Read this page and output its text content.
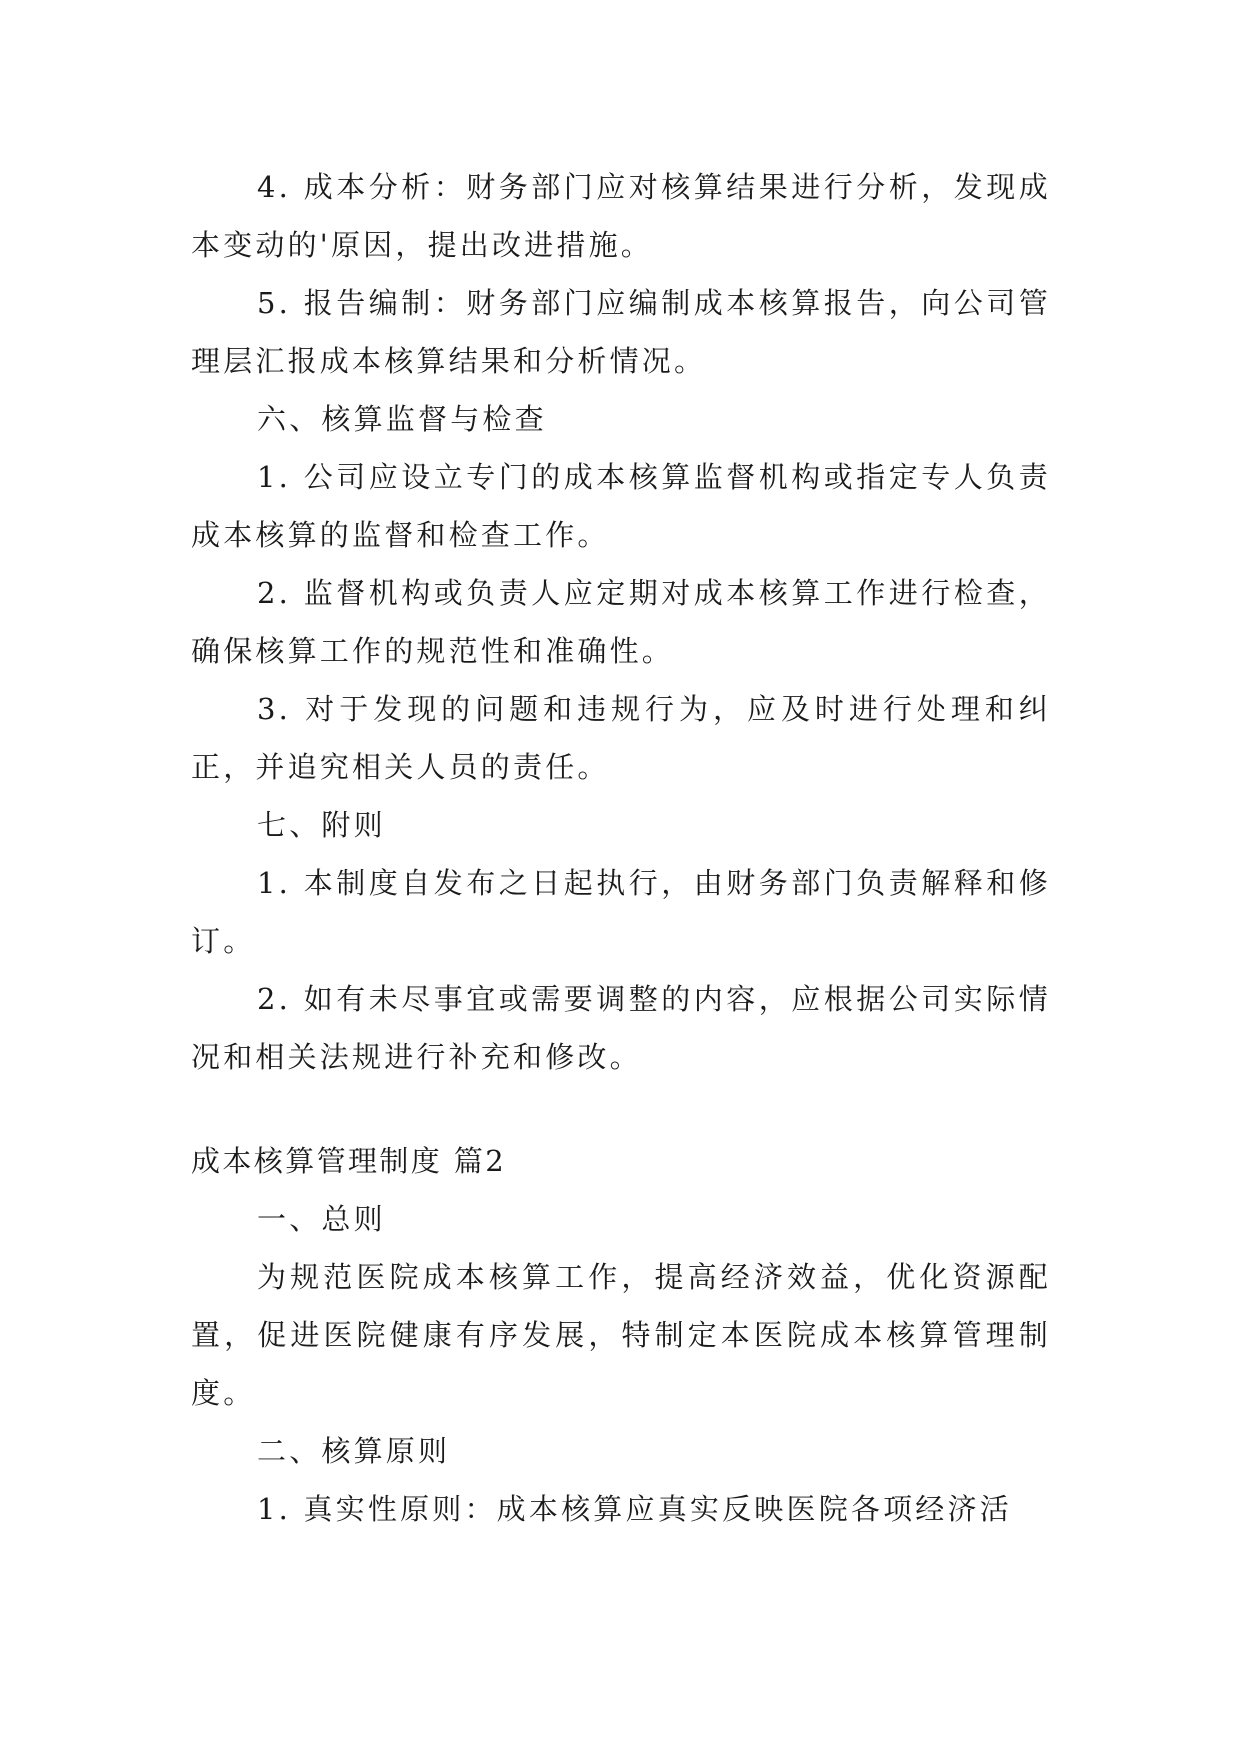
4. 成本分析：财务部门应对核算结果进行分析，发现成本变动的'原因，提出改进措施。

5. 报告编制：财务部门应编制成本核算报告，向公司管理层汇报成本核算结果和分析情况。

六、核算监督与检查

1. 公司应设立专门的成本核算监督机构或指定专人负责成本核算的监督和检查工作。

2. 监督机构或负责人应定期对成本核算工作进行检查，确保核算工作的规范性和准确性。

3. 对于发现的问题和违规行为，应及时进行处理和纠正，并追究相关人员的责任。

七、附则

1. 本制度自发布之日起执行，由财务部门负责解释和修订。

2. 如有未尽事宜或需要调整的内容，应根据公司实际情况和相关法规进行补充和修改。

成本核算管理制度 篇2

一、总则

为规范医院成本核算工作，提高经济效益，优化资源配置，促进医院健康有序发展，特制定本医院成本核算管理制度。

二、核算原则

1. 真实性原则：成本核算应真实反映医院各项经济活
